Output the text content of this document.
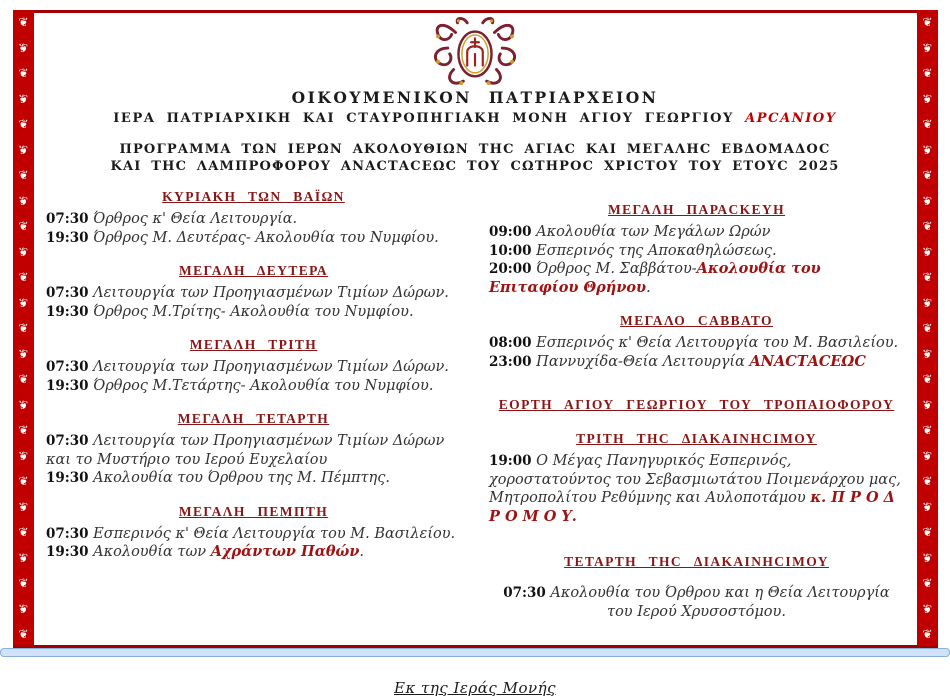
❦
❦
❦
❦
❦
❦
❦
❦
❦
❦
❦
❦
❦
❦
❦
❦
❦
❦
❦
❦
❦
❦
❦
❦
❦
❦
❦
❦
❦
❦
❦
❦
❦
❦
❦
❦
❦
❦
❦
❦
❦
❦
❦
❦
❦
❦
❦
❦
❦
❦
ΟΙΚΟΥΜΕΝΙΚΟΝ ΠΑΤΡΙΑΡΧΕΙΟΝ
ΙΕΡΑ ΠΑΤΡΙΑΡΧΙΚΗ ΚΑΙ CΤΑΥΡΟΠΗΓΙΑΚΗ ΜΟΝΗ ΑΓΙΟΥ ΓΕΩΡΓΙΟΥ ΑΡCΑΝΙΟΥ
ΠΡΟΓΡΑΜΜΑ ΤΩΝ ΙΕΡΩΝ ΑΚΟΛΟΥΘΙΩΝ ΤΗC ΑΓΙΑC ΚΑΙ ΜΕΓΑΛΗC ΕΒΔΟΜΑΔΟC
ΚΑΙ ΤΗC ΛΑΜΠΡΟΦΟΡΟΥ ΑΝΑCΤΑCΕΩC ΤΟΥ CΩΤΗΡΟC ΧΡΙCΤΟΥ ΤΟΥ ΕΤΟΥC 2025
ΚΥΡΙΑΚΗ ΤΩΝ ΒΑΪΩΝ
07:30 Όρθρος κ' Θεία Λειτουργία.
19:30 Όρθρος Μ. Δευτέρας- Ακολουθία του Νυμφίου.
ΜΕΓΑΛΗ ΔΕΥΤΕΡΑ
07:30 Λειτουργία των Προηγιασμένων Τιμίων Δώρων.
19:30 Όρθρος Μ.Τρίτης- Ακολουθία του Νυμφίου.
ΜΕΓΑΛΗ ΤΡΙΤΗ
07:30 Λειτουργία των Προηγιασμένων Τιμίων Δώρων.
19:30 Όρθρος Μ.Τετάρτης- Ακολουθία του Νυμφίου.
ΜΕΓΑΛΗ ΤΕΤΑΡΤΗ
07:30 Λειτουργία των Προηγιασμένων Τιμίων Δώρων και το Μυστήριο του Ιερού Ευχελαίου
19:30 Ακολουθία του Όρθρου της Μ. Πέμπτης.
ΜΕΓΑΛΗ ΠΕΜΠΤΗ
07:30 Εσπερινός κ' Θεία Λειτουργία του Μ. Βασιλείου.
19:30 Ακολουθία των Αχράντων Παθών.
ΜΕΓΑΛΗ ΠΑΡΑCΚΕΥΗ
09:00 Ακολουθία των Μεγάλων Ωρών
10:00 Εσπερινός της Αποκαθηλώσεως.
20:00 Όρθρος Μ. Σαββάτου-Ακολουθία του Επιταφίου Θρήνου.
ΜΕΓΑΛΟ CΑΒΒΑΤΟ
08:00 Εσπερινός κ' Θεία Λειτουργία του Μ. Βασιλείου.
23:00 Παννυχίδα-Θεία Λειτουργία ΑΝΑCΤΑCΕΩC
ΕΟΡΤΗ ΑΓΙΟΥ ΓΕΩΡΓΙΟΥ ΤΟΥ ΤΡΟΠΑΙΟΦΟΡΟΥ
ΤΡΙΤΗ ΤΗC ΔΙΑΚΑΙΝΗCΙΜΟΥ
19:00 Ο Μέγας Πανηγυρικός Εσπερινός, χοροστατούντος του Σεβασμιωτάτου Ποιμενάρχου μας, Μητροπολίτου Ρεθύμνης και Αυλοποτάμου κ. Π Ρ Ο Δ Ρ Ο Μ Ο Υ.
ΤΕΤΑΡΤΗ ΤΗC ΔΙΑΚΑΙΝΗCΙΜΟΥ
07:30 Ακολουθία του Όρθρου και η Θεία Λειτουργία του Ιερού Χρυσοστόμου.
Εκ της Ιεράς Μονής
